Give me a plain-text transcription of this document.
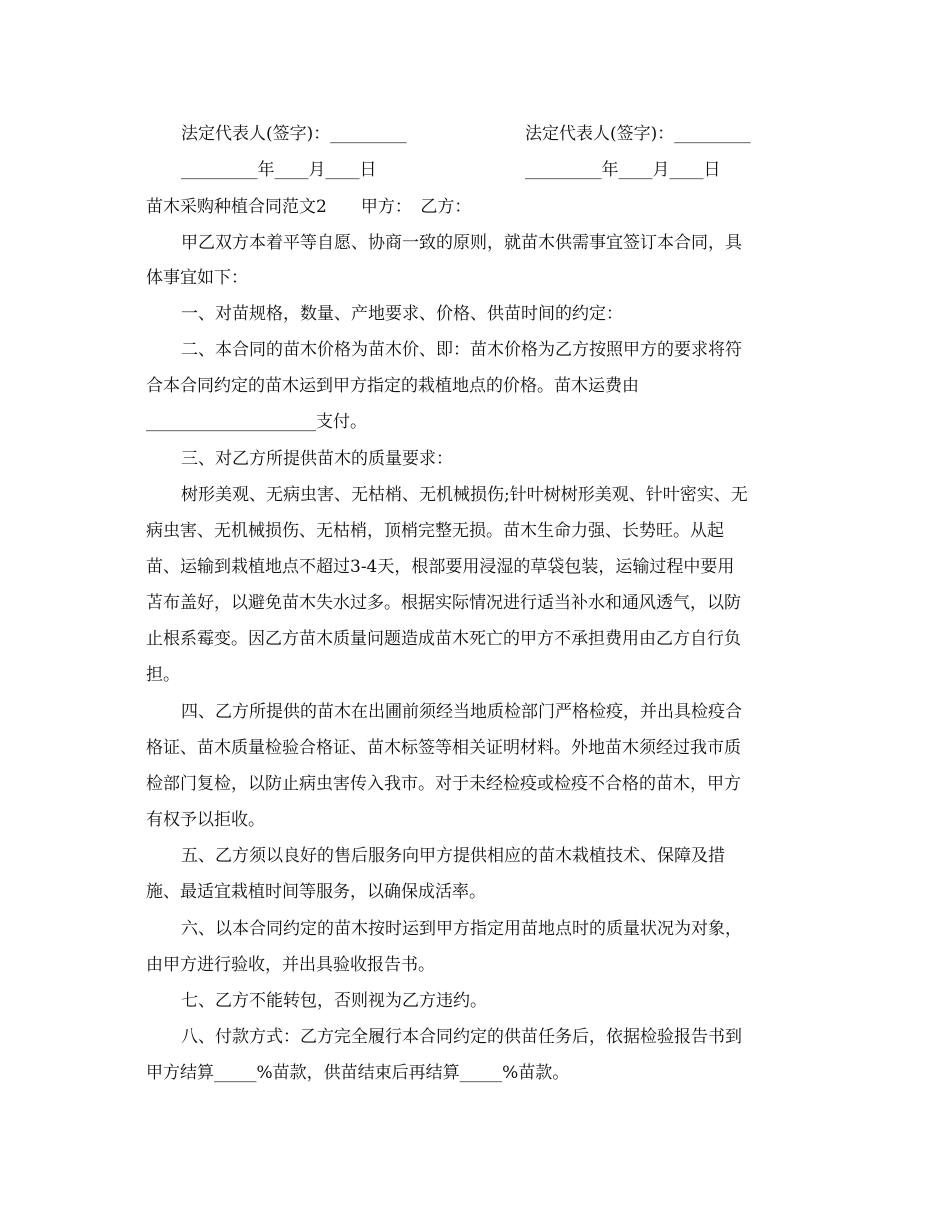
法定代表人(签字)：_________	法定代表人(签字)：_________
_________年____月____日	_________年____月____日
苗木采购种植合同范文2　　甲方：　乙方：
甲乙双方本着平等自愿、协商一致的原则，就苗木供需事宜签订本合同，具
体事宜如下：
一、对苗规格，数量、产地要求、价格、供苗时间的约定：
二、本合同的苗木价格为苗木价、即：苗木价格为乙方按照甲方的要求将符
合本合同约定的苗木运到甲方指定的栽植地点的价格。苗木运费由
____________________支付。
三、对乙方所提供苗木的质量要求：
树形美观、无病虫害、无枯梢、无机械损伤;针叶树树形美观、针叶密实、无
病虫害、无机械损伤、无枯梢，顶梢完整无损。苗木生命力强、长势旺。从起
苗、运输到栽植地点不超过3-4天，根部要用浸湿的草袋包装，运输过程中要用
苫布盖好，以避免苗木失水过多。根据实际情况进行适当补水和通风透气，以防
止根系霉变。因乙方苗木质量问题造成苗木死亡的甲方不承担费用由乙方自行负
担。
四、乙方所提供的苗木在出圃前须经当地质检部门严格检疫，并出具检疫合
格证、苗木质量检验合格证、苗木标签等相关证明材料。外地苗木须经过我市质
检部门复检，以防止病虫害传入我市。对于未经检疫或检疫不合格的苗木，甲方
有权予以拒收。
五、乙方须以良好的售后服务向甲方提供相应的苗木栽植技术、保障及措
施、最适宜栽植时间等服务，以确保成活率。
六、以本合同约定的苗木按时运到甲方指定用苗地点时的质量状况为对象，
由甲方进行验收，并出具验收报告书。
七、乙方不能转包，否则视为乙方违约。
八、付款方式：乙方完全履行本合同约定的供苗任务后，依据检验报告书到
甲方结算_____%苗款，供苗结束后再结算_____%苗款。
